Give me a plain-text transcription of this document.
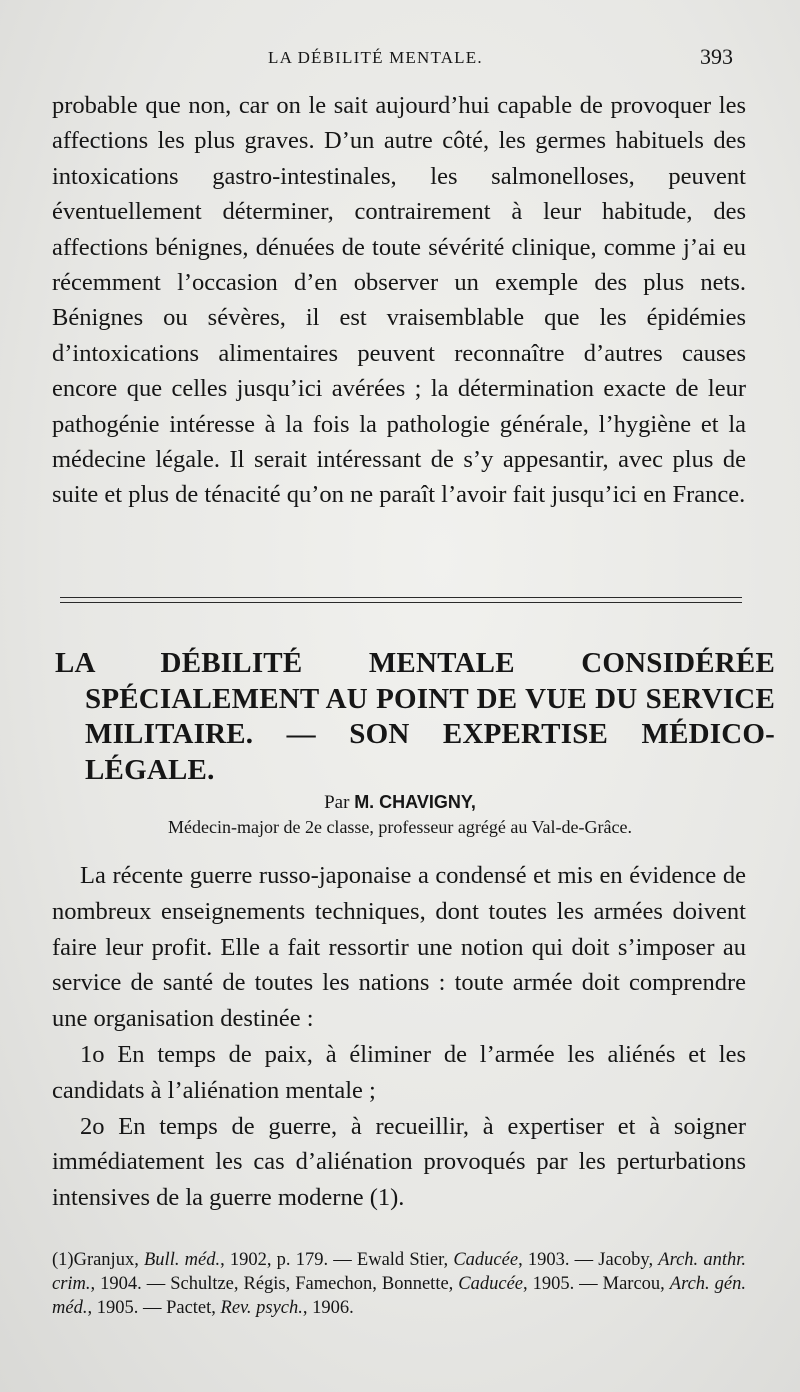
LA DÉBILITÉ MENTALE.	393

probable que non, car on le sait aujourd’hui capable de provoquer les affections les plus graves. D’un autre côté, les germes habituels des intoxications gastro-intestinales, les salmonelloses, peuvent éventuellement déterminer, contrairement à leur habitude, des affections bénignes, dénuées de toute sévérité clinique, comme j’ai eu récemment l’occasion d’en observer un exemple des plus nets. Bénignes ou sévères, il est vraisemblable que les épidémies d’intoxications alimentaires peuvent reconnaître d’autres causes encore que celles jusqu’ici avérées ; la détermination exacte de leur pathogénie intéresse à la fois la pathologie générale, l’hygiène et la médecine légale. Il serait intéressant de s’y appesantir, avec plus de suite et plus de ténacité qu’on ne paraît l’avoir fait jusqu’ici en France.

LA DÉBILITÉ MENTALE CONSIDÉRÉE SPÉCIALEMENT AU POINT DE VUE DU SERVICE MILITAIRE. — SON EXPERTISE MÉDICO-LÉGALE.
Par M. CHAVIGNY,
Médecin-major de 2e classe, professeur agrégé au Val-de-Grâce.

La récente guerre russo-japonaise a condensé et mis en évidence de nombreux enseignements techniques, dont toutes les armées doivent faire leur profit. Elle a fait ressortir une notion qui doit s’imposer au service de santé de toutes les nations : toute armée doit comprendre une organisation destinée :

1o En temps de paix, à éliminer de l’armée les aliénés et les candidats à l’aliénation mentale ;

2o En temps de guerre, à recueillir, à expertiser et à soigner immédiatement les cas d’aliénation provoqués par les perturbations intensives de la guerre moderne (1).

(1)Granjux, Bull. méd., 1902, p. 179. — Ewald Stier, Caducée, 1903. — Jacoby, Arch. anthr. crim., 1904. — Schultze, Régis, Famechon, Bonnette, Caducée, 1905. — Marcou, Arch. gén. méd., 1905. — Pactet, Rev. psych., 1906.
